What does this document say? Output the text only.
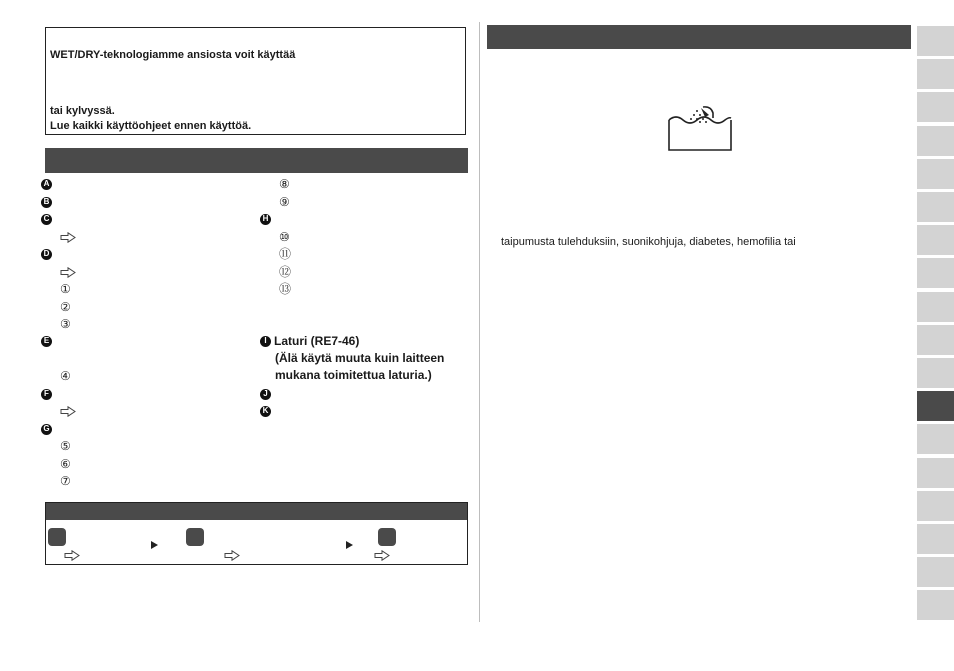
WET/DRY-teknologiamme ansiosta voit käyttää
tai kylvyssä.
Lue kaikki käyttöohjeet ennen käyttöä.
A
B
C
D
①
②
③
E
④
F
G
⑤
⑥
⑦
⑧
⑨
H
⑩
⑪
⑫
⑬
I Laturi (RE7-46)
(Älä käytä muuta kuin laitteen
mukana toimitettua laturia.)
J
K
taipumusta tulehduksiin, suonikohjuja, diabetes, hemofilia tai
